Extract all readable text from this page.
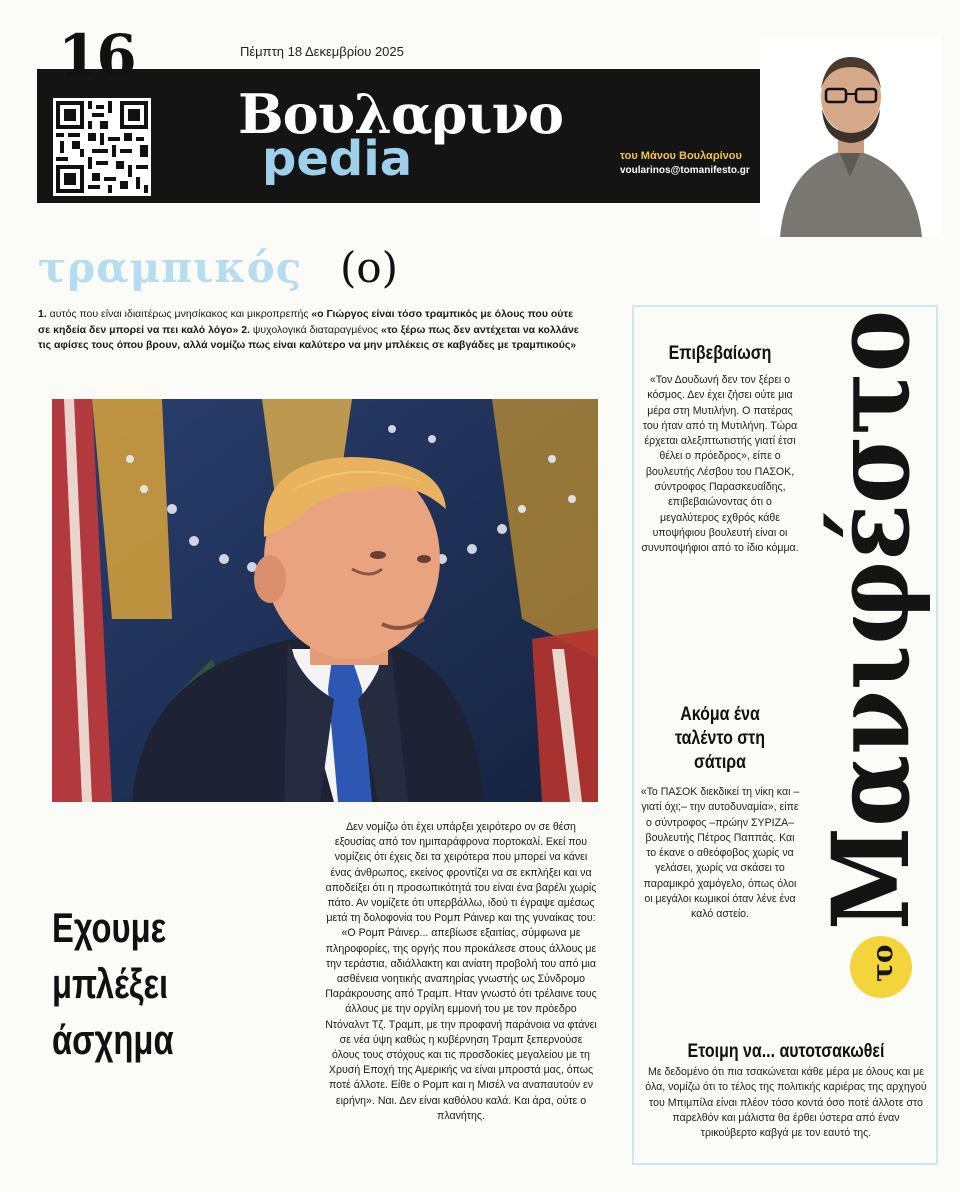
16	Πέμπτη 18 Δεκεμβρίου 2025
Βουλαρινο
pedia	του Μάνου Βουλαρίνου
voularinos@tomanifesto.gr
τραμπικός (ο)
1. αυτός που είναι ιδιαιτέρως μνησίκακος και μικροπρεπής «ο Γιώργος είναι τόσο τραμπικός με όλους που ούτε σε κηδεία δεν μπορεί να πει καλό λόγο» 2. ψυχολογικά διαταραγμένος «το ξέρω πως δεν αντέχεται να κολλάνε τις αφίσες τους όπου βρουν, αλλά νομίζω πως είναι καλύτερο να μην μπλέκεις σε καβγάδες με τραμπικούς»
Εχουμε
μπλέξει
άσχημα
Δεν νομίζω ότι έχει υπάρξει χειρότερο ον σε θέση εξουσίας από τον ημιπαράφρονα πορτοκαλί. Εκεί που νομίζεις ότι έχεις δει τα χειρότερα που μπορεί να κάνει ένας άνθρωπος, εκείνος φροντίζει να σε εκπλήξει και να αποδείξει ότι η προσωπικότητά του είναι ένα βαρέλι χωρίς πάτο. Αν νομίζετε ότι υπερβάλλω, ιδού τι έγραψε αμέσως μετά τη δολοφονία του Ρομπ Ράινερ και της γυναίκας του: «Ο Ρομπ Ράινερ... απεβίωσε εξαιτίας, σύμφωνα με πληροφορίες, της οργής που προκάλεσε στους άλλους με την τεράστια, αδιάλλακτη και ανίατη προβολή του από μια ασθένεια νοητικής αναπηρίας γνωστής ως Σύνδρομο Παράκρουσης από Τραμπ. Ηταν γνωστό ότι τρέλαινε τους άλλους με την οργίλη εμμονή του με τον πρόεδρο Ντόναλντ Τζ. Τραμπ, με την προφανή παράνοια να φτάνει σε νέα ύψη καθώς η κυβέρνηση Τραμπ ξεπερνούσε όλους τους στόχους και τις προσδοκίες μεγαλείου με τη Χρυσή Εποχή της Αμερικής να είναι μπροστά μας, όπως ποτέ άλλοτε. Είθε ο Ρομπ και η Μισέλ να αναπαυτούν εν ειρήνη». Ναι. Δεν είναι καθόλου καλά. Και άρα, ούτε ο πλανήτης.
Μανιφέστο
το
Επιβεβαίωση
«Τον Δουδωνή δεν τον ξέρει ο κόσμος. Δεν έχει ζήσει ούτε μια μέρα στη Μυτιλήνη. Ο πατέρας του ήταν από τη Μυτιλήνη. Τώρα έρχεται αλεξιπτωτιστής γιατί έτσι θέλει ο πρόεδρος», είπε ο βουλευτής Λέσβου του ΠΑΣΟΚ, σύντροφος Παρασκευαΐδης, επιβεβαιώνοντας ότι ο μεγαλύτερος εχθρός κάθε υποψήφιου βουλευτή είναι οι συνυποψήφιοι από το ίδιο κόμμα.
Ακόμα ένα ταλέντο στη σάτιρα
«Το ΠΑΣΟΚ διεκδικεί τη νίκη και –γιατί όχι;– την αυτοδυναμία», είπε ο σύντροφος –πρώην ΣΥΡΙΖΑ– βουλευτής Πέτρος Παππάς. Και το έκανε ο αθεόφοβος χωρίς να γελάσει, χωρίς να σκάσει το παραμικρό χαμόγελο, όπως όλοι οι μεγάλοι κωμικοί όταν λένε ένα καλό αστείο.
Ετοιμη να... αυτοτσακωθεί
Με δεδομένο ότι πια τσακώνεται κάθε μέρα με όλους και με όλα, νομίζω ότι το τέλος της πολιτικής καριέρας της αρχηγού του Μπιμπίλα είναι πλέον τόσο κοντά όσο ποτέ άλλοτε στο παρελθόν και μάλιστα θα έρθει ύστερα από έναν τρικούβερτο καβγά με τον εαυτό της.
